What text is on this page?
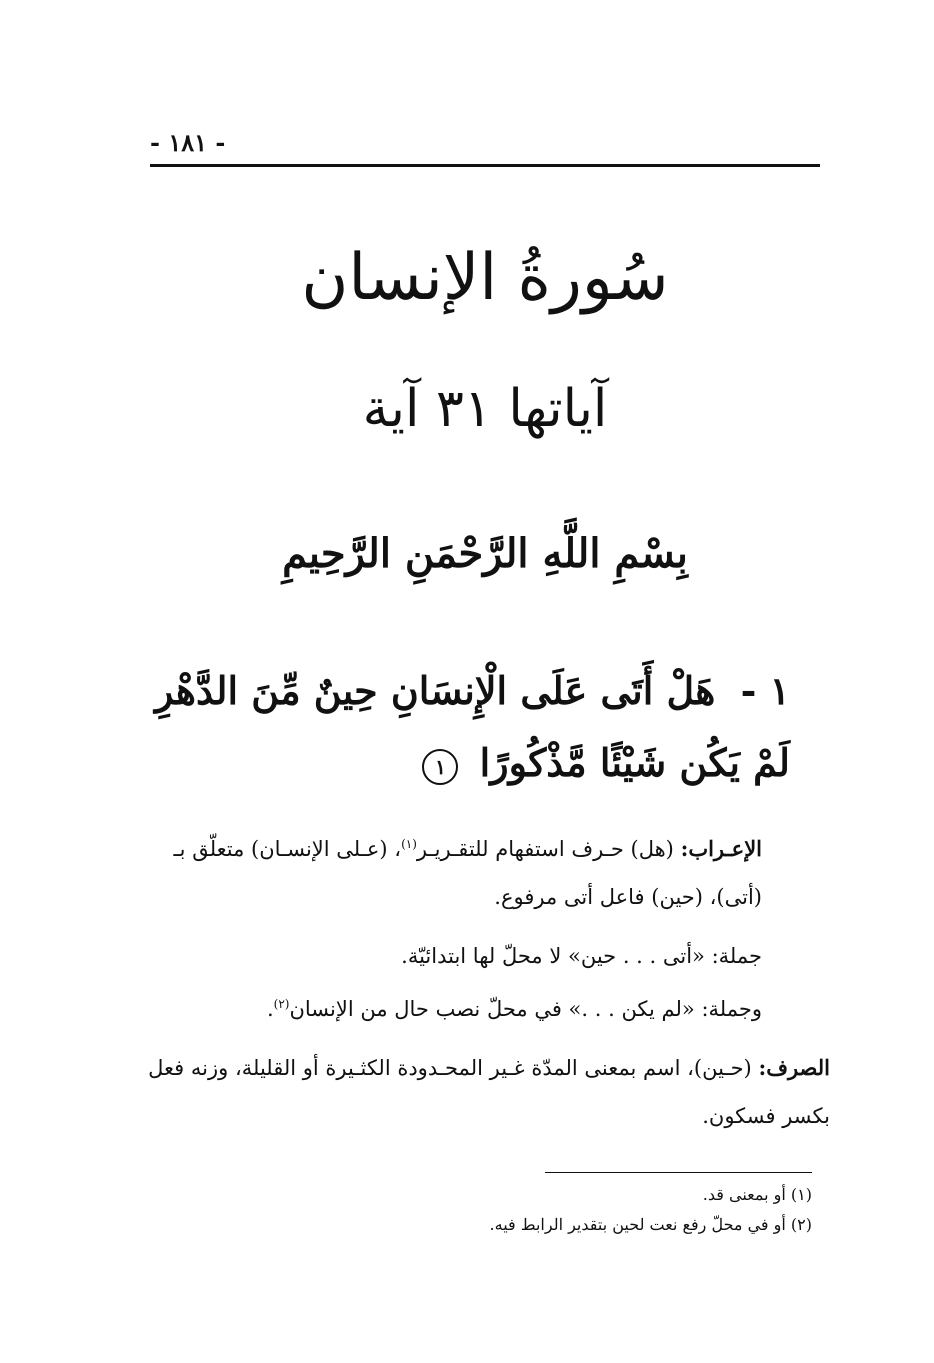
- ١٨١ -
سُورةُ الإنسان
آياتها ٣١ آية
بِسْمِ اللَّهِ الرَّحْمَنِ الرَّحِيمِ
١ - هَلْ أَتَى عَلَى الْإِنسَانِ حِينٌ مِّنَ الدَّهْرِ لَمْ يَكُن شَيْئًا مَّذْكُورًا ١
الإعـراب: (هل) حـرف استفهام للتقـريـر$^{(١)}$، (عـلى الإنسـان) متعلّق بـ (أتى)، (حين) فاعل أتى مرفوع.
جملة: «أتى . . . حين» لا محلّ لها ابتدائيّة.
وجملة: «لم يكن . . .» في محلّ نصب حال من الإنسان$^{(٢)}$.
الصرف: (حـين)، اسم بمعنى المدّة غـير المحـدودة الكثـيرة أو القليلة، وزنه فعل بكسر فسكون.
(١) أو بمعنى قد.
(٢) أو في محلّ رفع نعت لحين بتقدير الرابط فيه.
